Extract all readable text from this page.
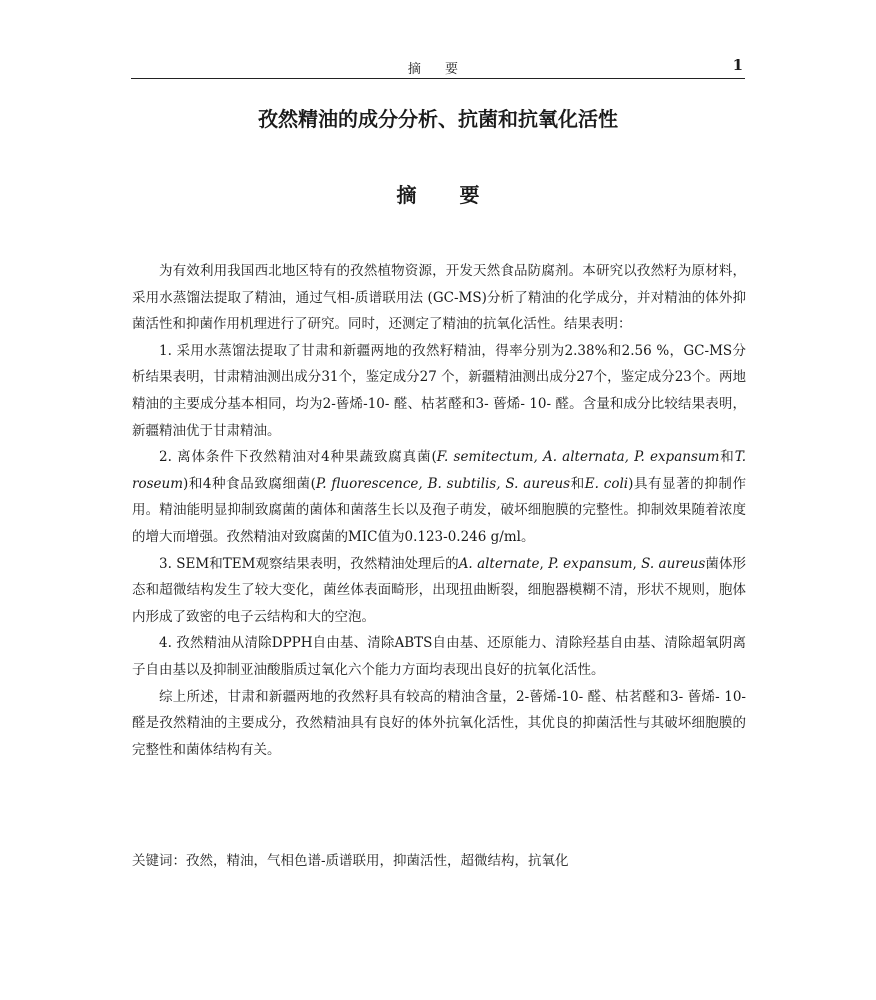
摘 要	1
孜然精油的成分分析、抗菌和抗氧化活性
摘 要

为有效利用我国西北地区特有的孜然植物资源，开发天然食品防腐剂。本研究以孜然籽为原材料，采用水蒸馏法提取了精油，通过气相-质谱联用法 (GC-MS)分析了精油的化学成分，并对精油的体外抑菌活性和抑菌作用机理进行了研究。同时，还测定了精油的抗氧化活性。结果表明：

1. 采用水蒸馏法提取了甘肃和新疆两地的孜然籽精油，得率分别为2.38%和2.56 %，GC-MS分析结果表明，甘肃精油测出成分31个，鉴定成分27 个，新疆精油测出成分27个，鉴定成分23个。两地精油的主要成分基本相同，均为2-蒈烯-10- 醛、枯茗醛和3- 蒈烯- 10- 醛。含量和成分比较结果表明，新疆精油优于甘肃精油。

2. 离体条件下孜然精油对4种果蔬致腐真菌(F. semitectum, A. alternata, P. expansum和T. roseum)和4种食品致腐细菌(P. fluorescence, B. subtilis, S. aureus和E. coli)具有显著的抑制作用。精油能明显抑制致腐菌的菌体和菌落生长以及孢子萌发，破坏细胞膜的完整性。抑制效果随着浓度的增大而增强。孜然精油对致腐菌的MIC值为0.123-0.246 g/ml。

3. SEM和TEM观察结果表明，孜然精油处理后的A. alternate, P. expansum, S. aureus菌体形态和超微结构发生了较大变化，菌丝体表面畸形，出现扭曲断裂，细胞器模糊不清，形状不规则，胞体内形成了致密的电子云结构和大的空泡。

4. 孜然精油从清除DPPH自由基、清除ABTS自由基、还原能力、清除羟基自由基、清除超氧阴离子自由基以及抑制亚油酸脂质过氧化六个能力方面均表现出良好的抗氧化活性。

综上所述，甘肃和新疆两地的孜然籽具有较高的精油含量，2-蒈烯-10- 醛、枯茗醛和3- 蒈烯- 10- 醛是孜然精油的主要成分，孜然精油具有良好的体外抗氧化活性，其优良的抑菌活性与其破坏细胞膜的完整性和菌体结构有关。

关键词：孜然，精油，气相色谱-质谱联用，抑菌活性，超微结构，抗氧化
